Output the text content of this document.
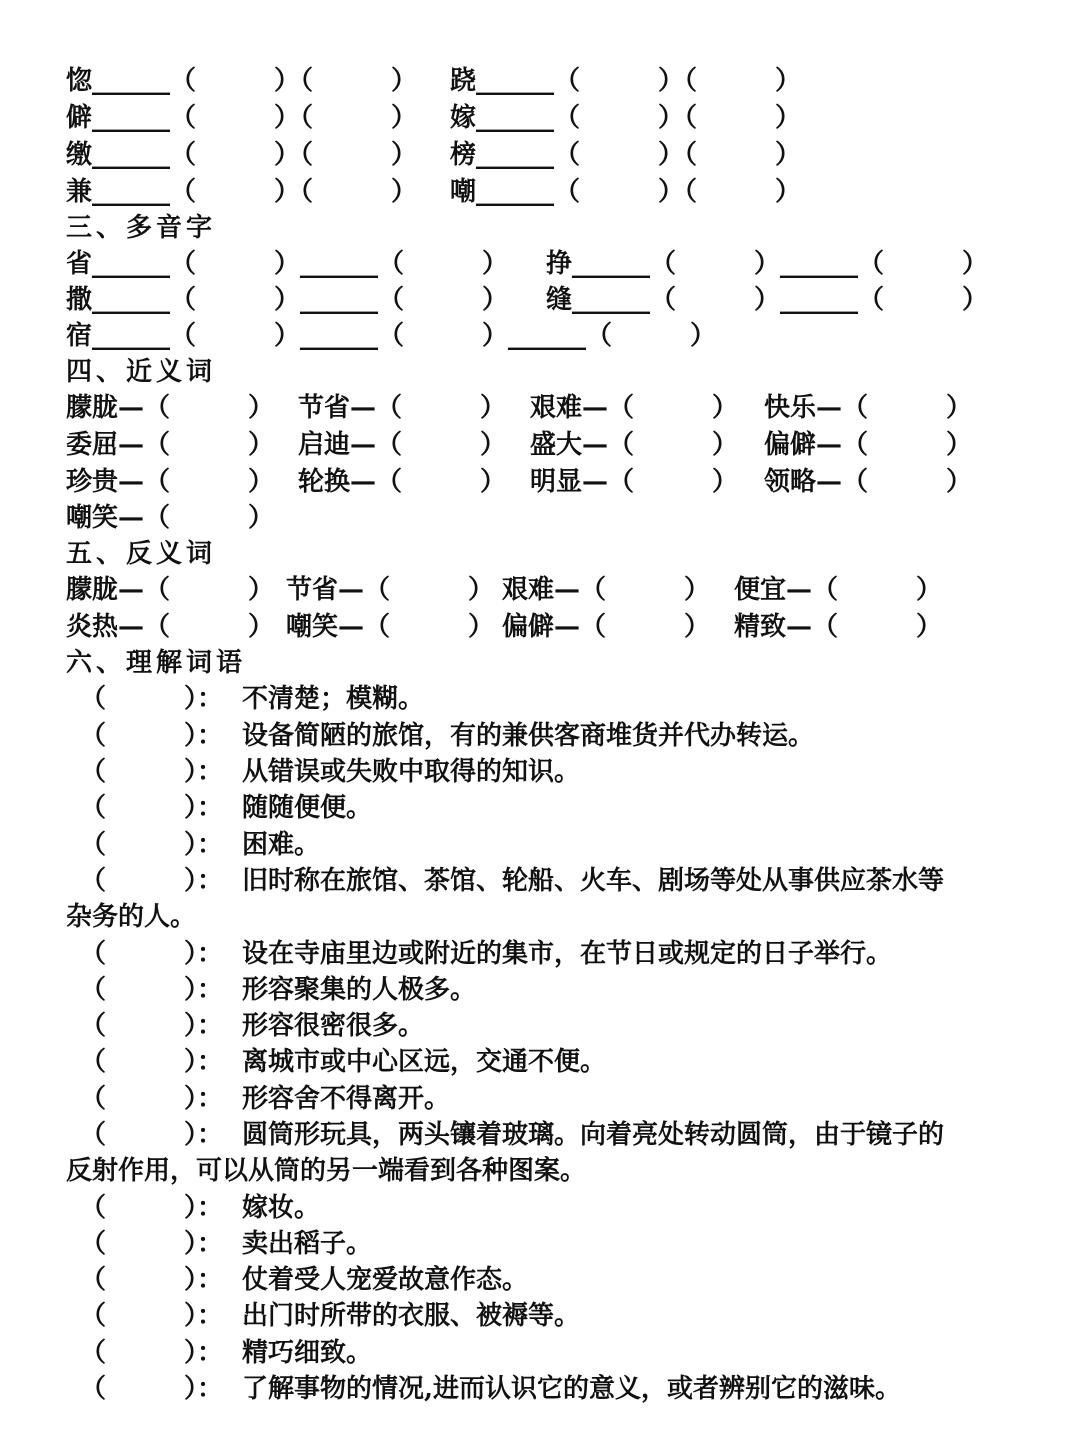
惚______（　　　）（　　　） 跷______（　　　）（　　　）
僻______（　　　）（　　　） 嫁______（　　　）（　　　）
缴______（　　　）（　　　） 榜______（　　　）（　　　）
兼______（　　　）（　　　） 嘲______（　　　）（　　　）
三、多音字
省______（　　　）______（　　　） 挣______（　　　）______（　　　）
撒______（　　　）______（　　　） 缝______（　　　）______（　　　）
宿______（　　　）______（　　　）______（　　　）
四、近义词
朦胧—（　　　） 节省—（　　　） 艰难—（　　　） 快乐—（　　　）
委屈—（　　　） 启迪—（　　　） 盛大—（　　　） 偏僻—（　　　）
珍贵—（　　　） 轮换—（　　　） 明显—（　　　） 领略—（　　　）
嘲笑—（　　　）
五、反义词
朦胧—（　　　） 节省—（　　　） 艰难—（　　　） 便宜—（　　　）
炎热—（　　　） 嘲笑—（　　　） 偏僻—（　　　） 精致—（　　　）
六、理解词语
（	）： 不清楚；模糊。
（	）： 设备简陋的旅馆，有的兼供客商堆货并代办转运。
（	）： 从错误或失败中取得的知识。
（	）： 随随便便。
（	）： 困难。
（	）： 旧时称在旅馆、茶馆、轮船、火车、剧场等处从事供应茶水等
杂务的人。
（	）： 设在寺庙里边或附近的集市，在节日或规定的日子举行。
（	）： 形容聚集的人极多。
（	）： 形容很密很多。
（	）： 离城市或中心区远，交通不便。
（	）： 形容舍不得离开。
（	）： 圆筒形玩具，两头镶着玻璃。向着亮处转动圆筒，由于镜子的
反射作用，可以从筒的另一端看到各种图案。
（	）： 嫁妆。
（	）： 卖出稻子。
（	）： 仗着受人宠爱故意作态。
（	）： 出门时所带的衣服、被褥等。
（	）： 精巧细致。
（	）： 了解事物的情况,进而认识它的意义，或者辨别它的滋味。
